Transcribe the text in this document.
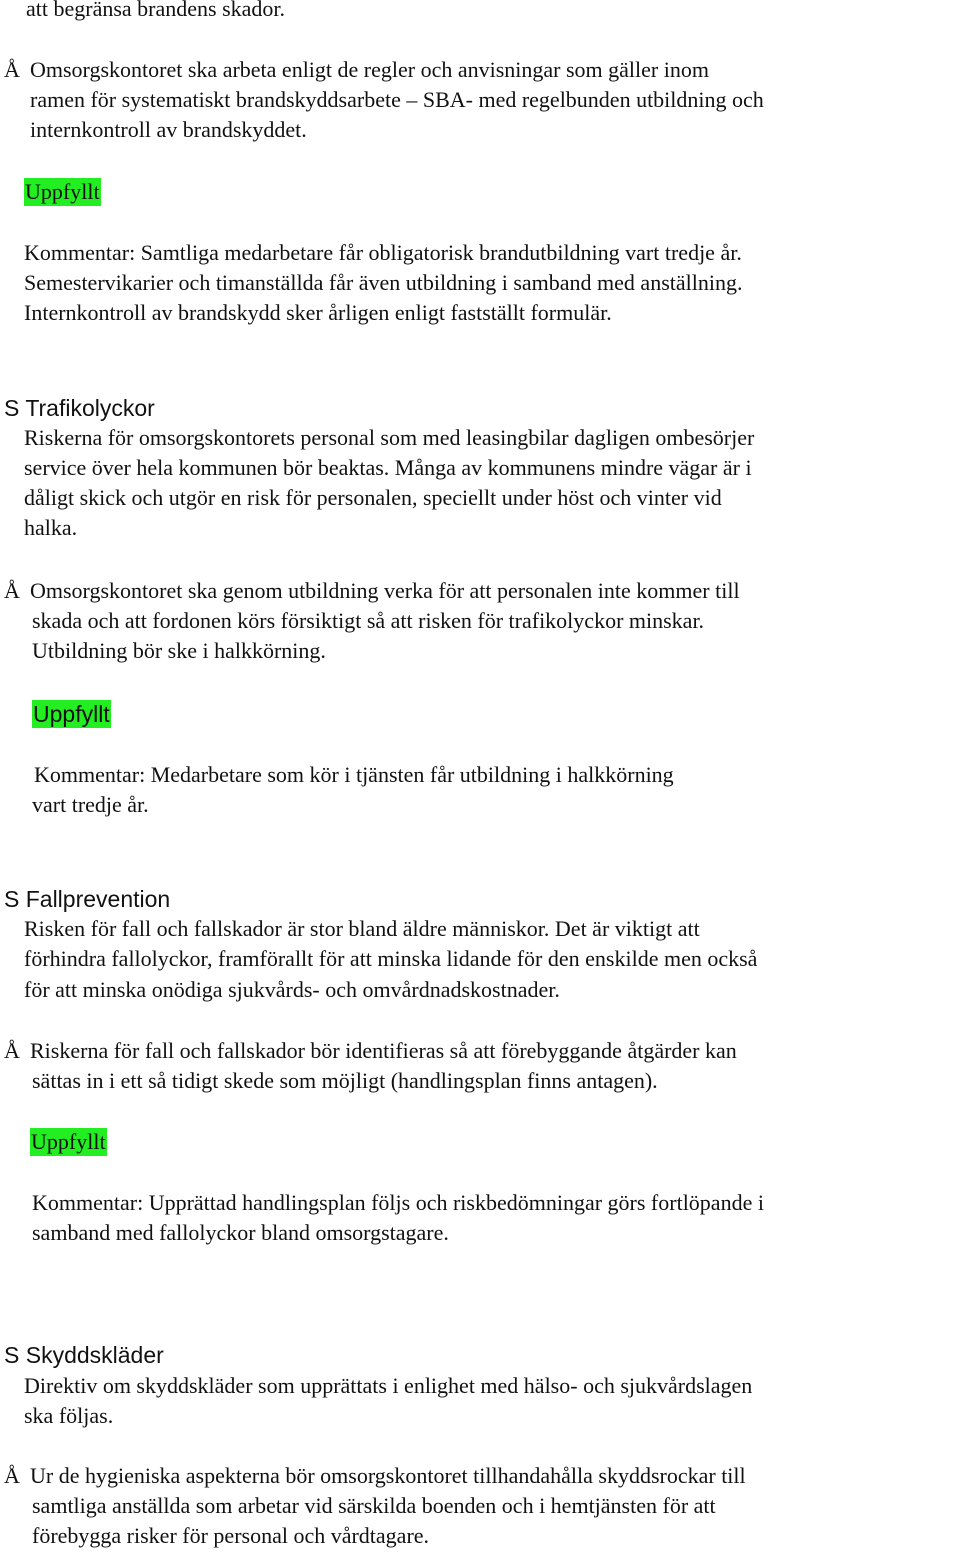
att begränsa brandens skador.
Å Omsorgskontoret ska arbeta enligt de regler och anvisningar som gäller inom
ramen för systematiskt brandskyddsarbete – SBA- med regelbunden utbildning och
internkontroll av brandskyddet.
Uppfyllt
Kommentar: Samtliga medarbetare får obligatorisk brandutbildning vart tredje år.
Semestervikarier och timanställda får även utbildning i samband med anställning.
Internkontroll av brandskydd sker årligen enligt fastställt formulär.
S Trafikolyckor
Riskerna för omsorgskontorets personal som med leasingbilar dagligen ombesörjer
service över hela kommunen bör beaktas. Många av kommunens mindre vägar är i
dåligt skick och utgör en risk för personalen, speciellt under höst och vinter vid
halka.
Å Omsorgskontoret ska genom utbildning verka för att personalen inte kommer till
skada och att fordonen körs försiktigt så att risken för trafikolyckor minskar.
Utbildning bör ske i halkkörning.
Uppfyllt
Kommentar: Medarbetare som kör i tjänsten får utbildning i halkkörning
vart tredje år.
S Fallprevention
Risken för fall och fallskador är stor bland äldre människor. Det är viktigt att
förhindra fallolyckor, framförallt för att minska lidande för den enskilde men också
för att minska onödiga sjukvårds- och omvårdnadskostnader.
Å Riskerna för fall och fallskador bör identifieras så att förebyggande åtgärder kan
sättas in i ett så tidigt skede som möjligt (handlingsplan finns antagen).
Uppfyllt
Kommentar: Upprättad handlingsplan följs och riskbedömningar görs fortlöpande i
samband med fallolyckor bland omsorgstagare.
S Skyddskläder
Direktiv om skyddskläder som upprättats i enlighet med hälso- och sjukvårdslagen
ska följas.
Å Ur de hygieniska aspekterna bör omsorgskontoret tillhandahålla skyddsrockar till
samtliga anställda som arbetar vid särskilda boenden och i hemtjänsten för att
förebygga risker för personal och vårdtagare.
